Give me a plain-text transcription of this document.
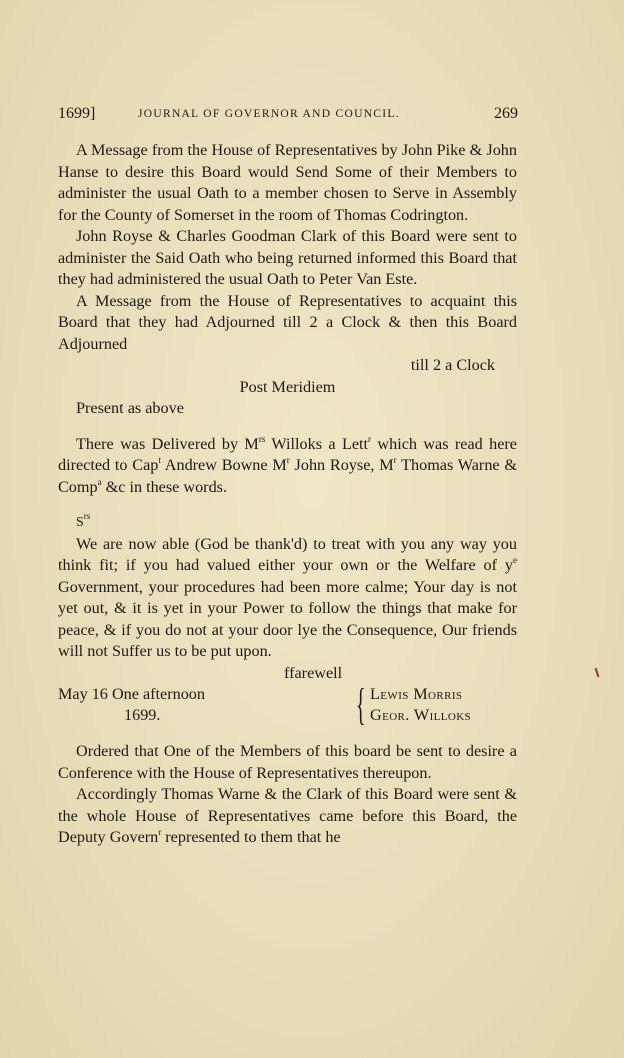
1699]	JOURNAL OF GOVERNOR AND COUNCIL.	269

A Message from the House of Representatives by John Pike & John Hanse to desire this Board would Send Some of their Members to administer the usual Oath to a member chosen to Serve in Assembly for the County of Somerset in the room of Thomas Codrington.

John Royse & Charles Goodman Clark of this Board were sent to administer the Said Oath who being returned informed this Board that they had administered the usual Oath to Peter Van Este.

A Message from the House of Representatives to acquaint this Board that they had Adjourned till 2 a Clock & then this Board Adjourned

till 2 a Clock

Post Meridiem

Present as above

There was Delivered by $M^{rs}$ Willoks a Lett$^r$ which was read here directed to Cap$^t$ Andrew Bowne $M^r$ John Royse, $M^r$ Thomas Warne & Comp$^a$ &c in these words.

$S^{rs}$

We are now able (God be thank'd) to treat with you any way you think fit; if you had valued either your own or the Welfare of $y^e$ Government, your procedures had been more calme; Your day is not yet out, & it is yet in your Power to follow the things that make for peace, & if you do not at your door lye the Consequence, Our friends will not Suffer us to be put upon.

ffarewell

May 16 One afternoon
1699.	{ Lewis Morris
Geor. Willoks

Ordered that One of the Members of this board be sent to desire a Conference with the House of Representatives thereupon.

Accordingly Thomas Warne & the Clark of this Board were sent & the whole House of Representatives came before this Board, the Deputy Govern$^r$ represented to them that he
